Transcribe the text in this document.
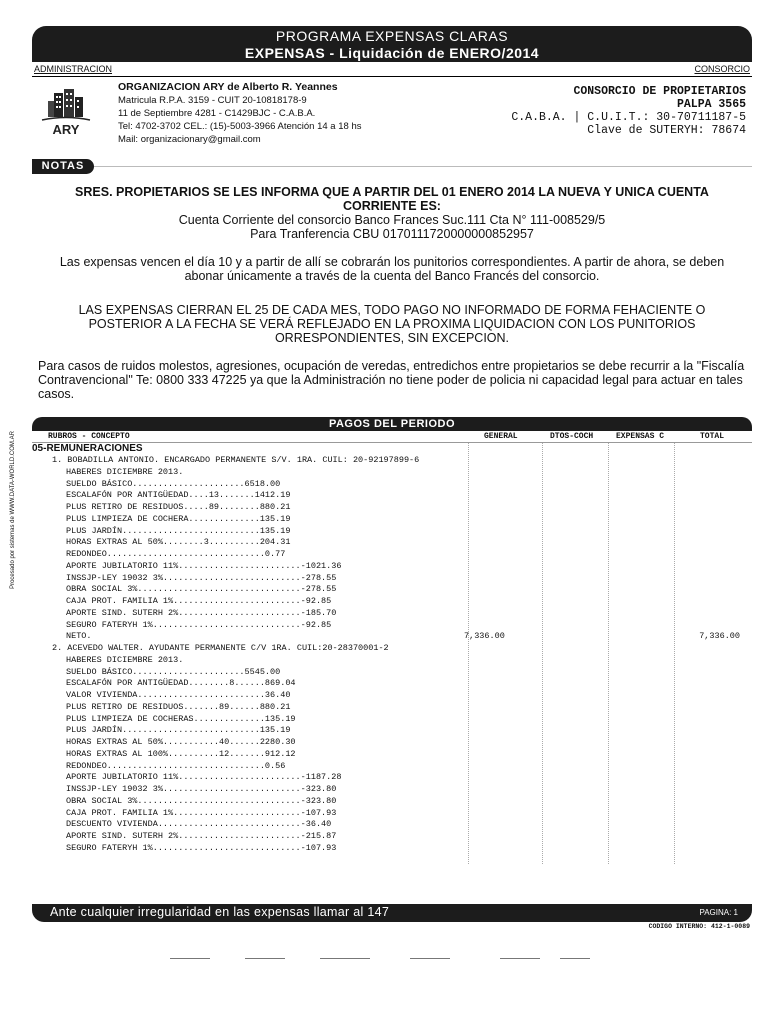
PROGRAMA EXPENSAS CLARAS
EXPENSAS - Liquidación de ENERO/2014
ADMINISTRACION	CONSORCIO
ARY
ORGANIZACION ARY de Alberto R. Yeannes
Matricula R.P.A. 3159 - CUIT 20-10818178-9
11 de Septiembre 4281 - C1429BJC - C.A.B.A.
Tel: 4702-3702 CEL.: (15)-5003-3966 Atención 14 a 18 hs
Mail: organizacionary@gmail.com
CONSORCIO DE PROPIETARIOS
PALPA 3565
C.A.B.A. | C.U.I.T.: 30-70711187-5
Clave de SUTERYH: 78674
NOTAS
SRES. PROPIETARIOS SE LES INFORMA QUE A PARTIR DEL 01 ENERO 2014 LA NUEVA Y UNICA CUENTA CORRIENTE ES:
Cuenta Corriente del consorcio Banco Frances Suc.111 Cta N° 111-008529/5
Para Tranferencia CBU 0170111720000000852957
Las expensas vencen el día 10 y a partir de allí se cobrarán los punitorios correspondientes. A partir de ahora, se deben abonar únicamente a través de la cuenta del Banco Francés del consorcio.
LAS EXPENSAS CIERRAN EL 25 DE CADA MES, TODO PAGO NO INFORMADO DE FORMA FEHACIENTE O POSTERIOR A LA FECHA SE VERÁ REFLEJADO EN LA PROXIMA LIQUIDACION CON LOS PUNITORIOS ORRESPONDIENTES, SIN EXCEPCION.
Para casos de ruidos molestos, agresiones, ocupación de veredas, entredichos entre propietarios se debe recurrir a la "Fiscalía Contravencional" Te: 0800 333 47225 ya que la Administración no tiene poder de policia ni capacidad legal para actuar en tales casos.
PAGOS DEL PERIODO
RUBROS - CONCEPTO	GENERAL	DTOS-COCH	EXPENSAS C	TOTAL
05-REMUNERACIONES
1. BOBADILLA ANTONIO. ENCARGADO PERMANENTE S/V. 1RA. CUIL: 20-92197899-6
HABERES DICIEMBRE 2013.
SUELDO BÁSICO......................6518.00
ESCALAFÓN POR ANTIGÜEDAD....13.......1412.19
PLUS RETIRO DE RESIDUOS.....89........880.21
PLUS LIMPIEZA DE COCHERA..............135.19
PLUS JARDÍN...........................135.19
HORAS EXTRAS AL 50%........3..........204.31
REDONDEO...............................0.77
APORTE JUBILATORIO 11%........................-1021.36
INSSJP-LEY 19032 3%...........................-278.55
OBRA SOCIAL 3%................................-278.55
CAJA PROT. FAMILIA 1%.........................-92.85
APORTE SIND. SUTERH 2%........................-185.70
SEGURO FATERYH 1%.............................-92.85
NETO.	7,336.00	7,336.00
2. ACEVEDO WALTER. AYUDANTE PERMANENTE C/V 1RA. CUIL:20-28370001-2
HABERES DICIEMBRE 2013.
SUELDO BÁSICO......................5545.00
ESCALAFÓN POR ANTIGÜEDAD........8......869.04
VALOR VIVIENDA.........................36.40
PLUS RETIRO DE RESIDUOS.......89......880.21
PLUS LIMPIEZA DE COCHERAS..............135.19
PLUS JARDÍN...........................135.19
HORAS EXTRAS AL 50%...........40......2280.30
HORAS EXTRAS AL 100%..........12.......912.12
REDONDEO...............................0.56
APORTE JUBILATORIO 11%........................-1187.28
INSSJP-LEY 19032 3%...........................-323.80
OBRA SOCIAL 3%................................-323.80
CAJA PROT. FAMILIA 1%.........................-107.93
DESCUENTO VIVIENDA............................-36.40
APORTE SIND. SUTERH 2%........................-215.87
SEGURO FATERYH 1%.............................-107.93
Ante cualquier irregularidad en las expensas llamar al 147	PAGINA: 1
CODIGO INTERNO: 412-1-0089
Procesado por sistemas de WWW.DATA-WORLD.COM.AR
